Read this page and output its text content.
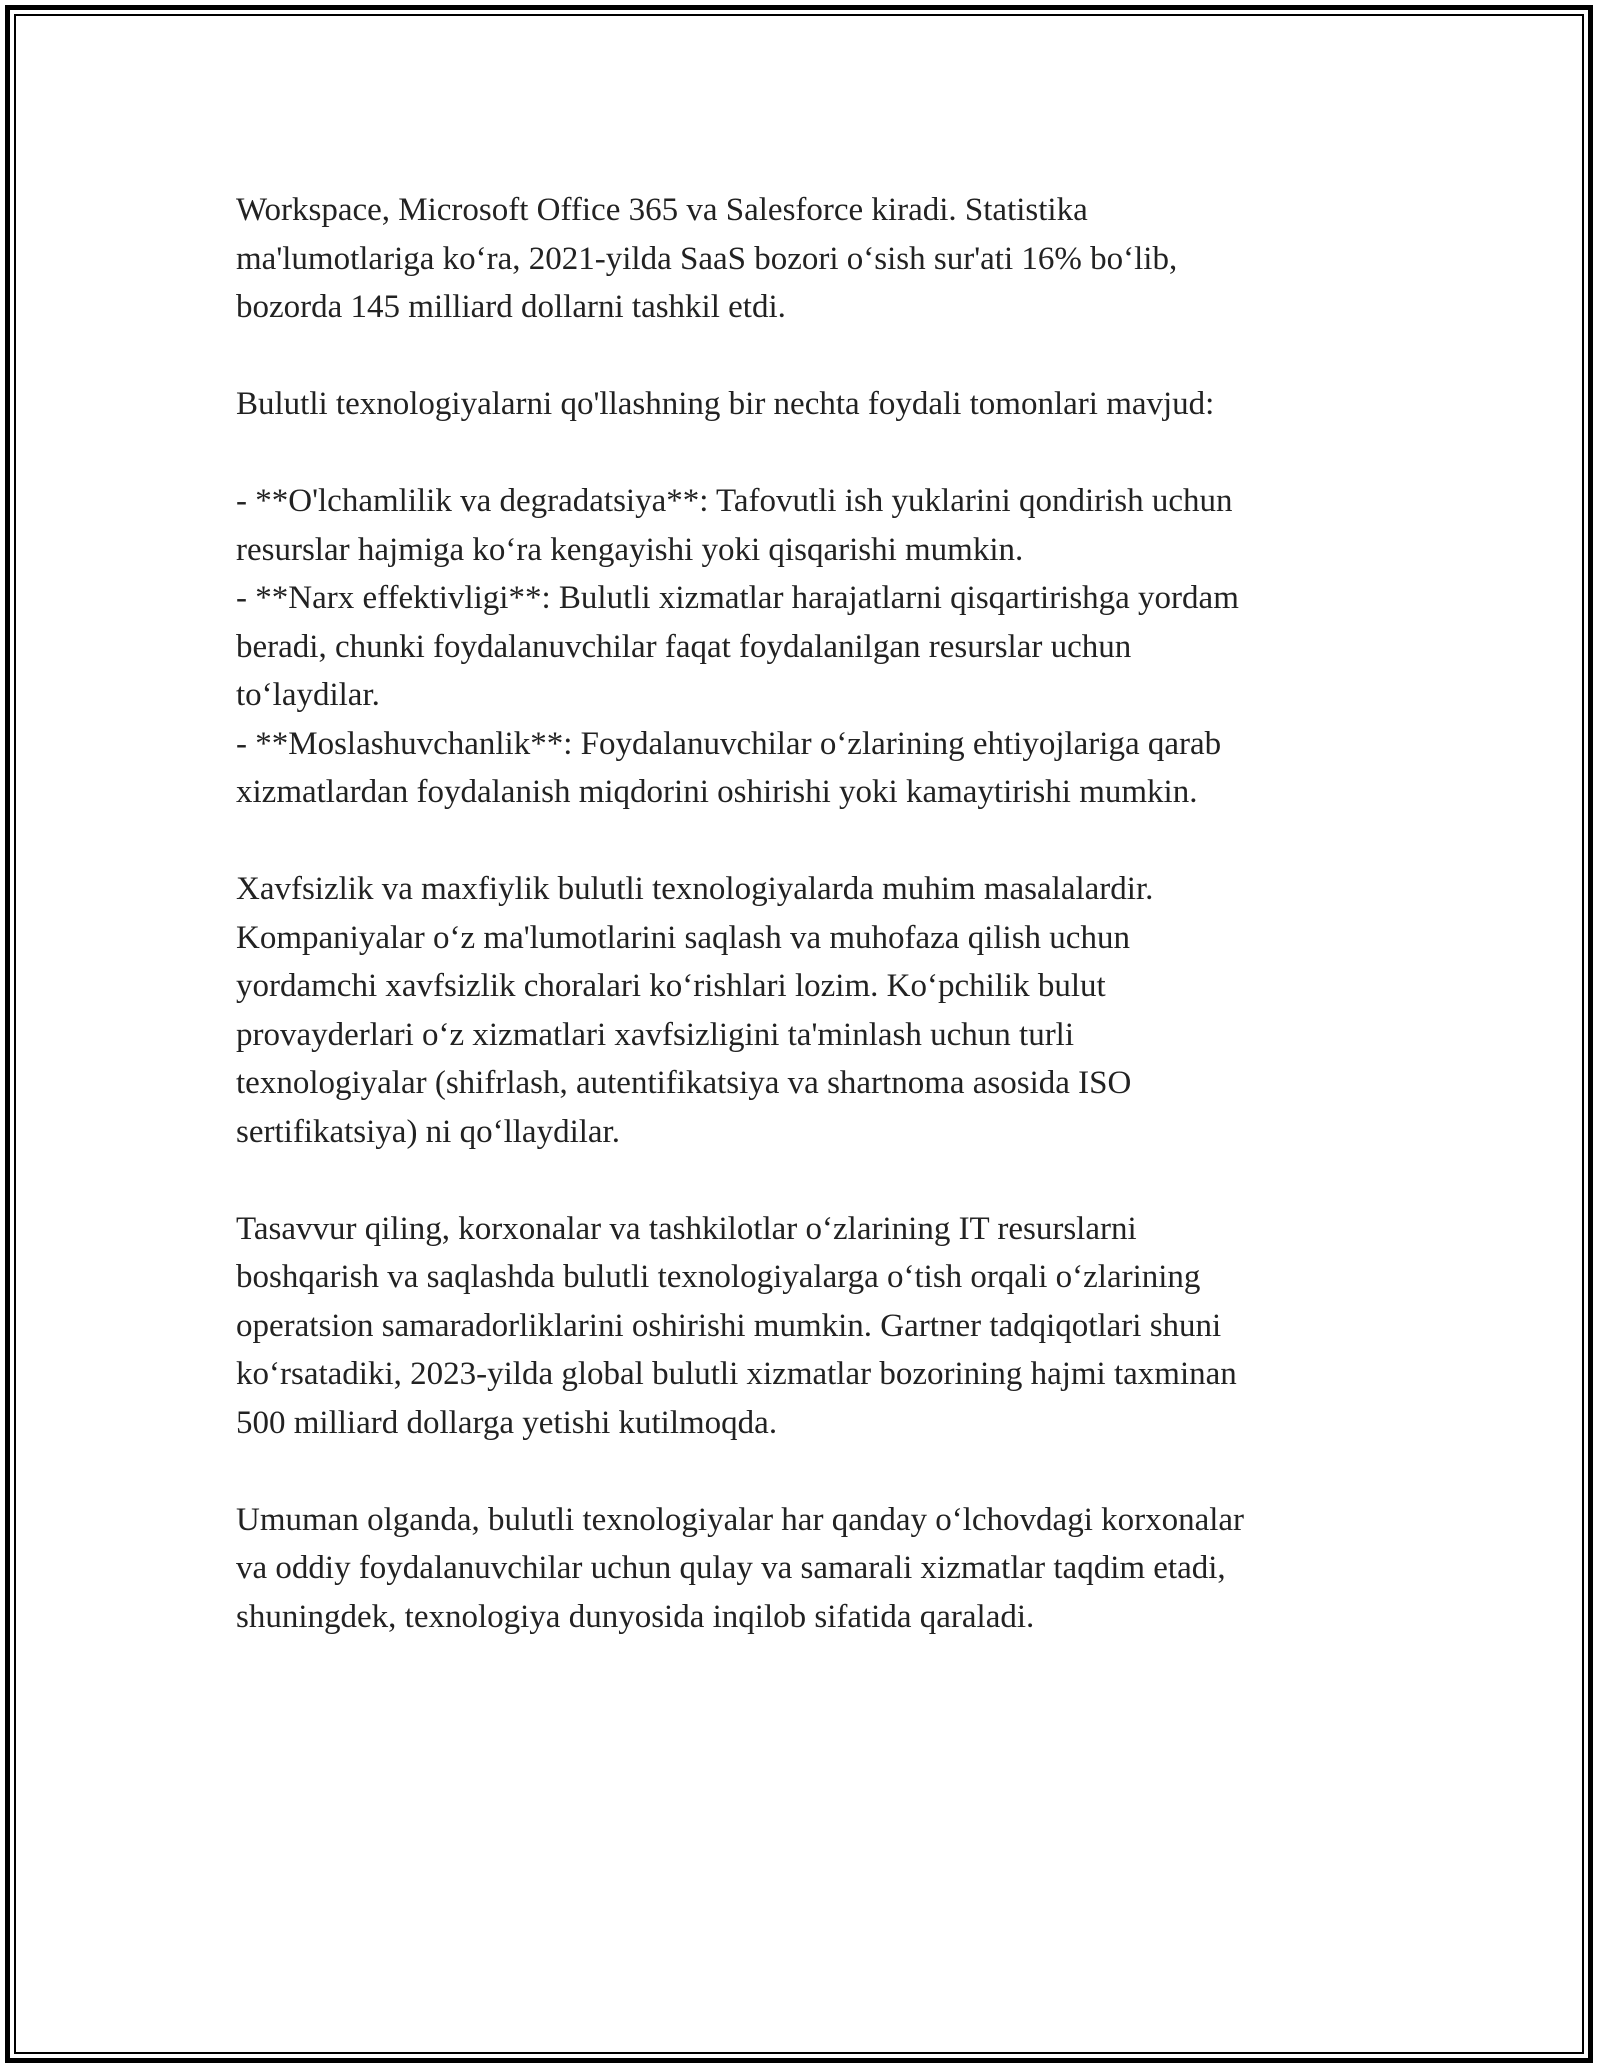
Workspace, Microsoft Office 365 va Salesforce kiradi. Statistika
ma'lumotlariga ko‘ra, 2021-yilda SaaS bozori o‘sish sur'ati 16% bo‘lib,
bozorda 145 milliard dollarni tashkil etdi.
Bulutli texnologiyalarni qo'llashning bir nechta foydali tomonlari mavjud:
- **O'lchamlilik va degradatsiya**: Tafovutli ish yuklarini qondirish uchun
resurslar hajmiga ko‘ra kengayishi yoki qisqarishi mumkin.
- **Narx effektivligi**: Bulutli xizmatlar harajatlarni qisqartirishga yordam
beradi, chunki foydalanuvchilar faqat foydalanilgan resurslar uchun
to‘laydilar.
- **Moslashuvchanlik**: Foydalanuvchilar o‘zlarining ehtiyojlariga qarab
xizmatlardan foydalanish miqdorini oshirishi yoki kamaytirishi mumkin.
Xavfsizlik va maxfiylik bulutli texnologiyalarda muhim masalalardir.
Kompaniyalar o‘z ma'lumotlarini saqlash va muhofaza qilish uchun
yordamchi xavfsizlik choralari ko‘rishlari lozim. Ko‘pchilik bulut
provayderlari o‘z xizmatlari xavfsizligini ta'minlash uchun turli
texnologiyalar (shifrlash, autentifikatsiya va shartnoma asosida ISO
sertifikatsiya) ni qo‘llaydilar.
Tasavvur qiling, korxonalar va tashkilotlar o‘zlarining IT resurslarni
boshqarish va saqlashda bulutli texnologiyalarga o‘tish orqali o‘zlarining
operatsion samaradorliklarini oshirishi mumkin. Gartner tadqiqotlari shuni
ko‘rsatadiki, 2023-yilda global bulutli xizmatlar bozorining hajmi taxminan
500 milliard dollarga yetishi kutilmoqda.
Umuman olganda, bulutli texnologiyalar har qanday o‘lchovdagi korxonalar
va oddiy foydalanuvchilar uchun qulay va samarali xizmatlar taqdim etadi,
shuningdek, texnologiya dunyosida inqilob sifatida qaraladi.
